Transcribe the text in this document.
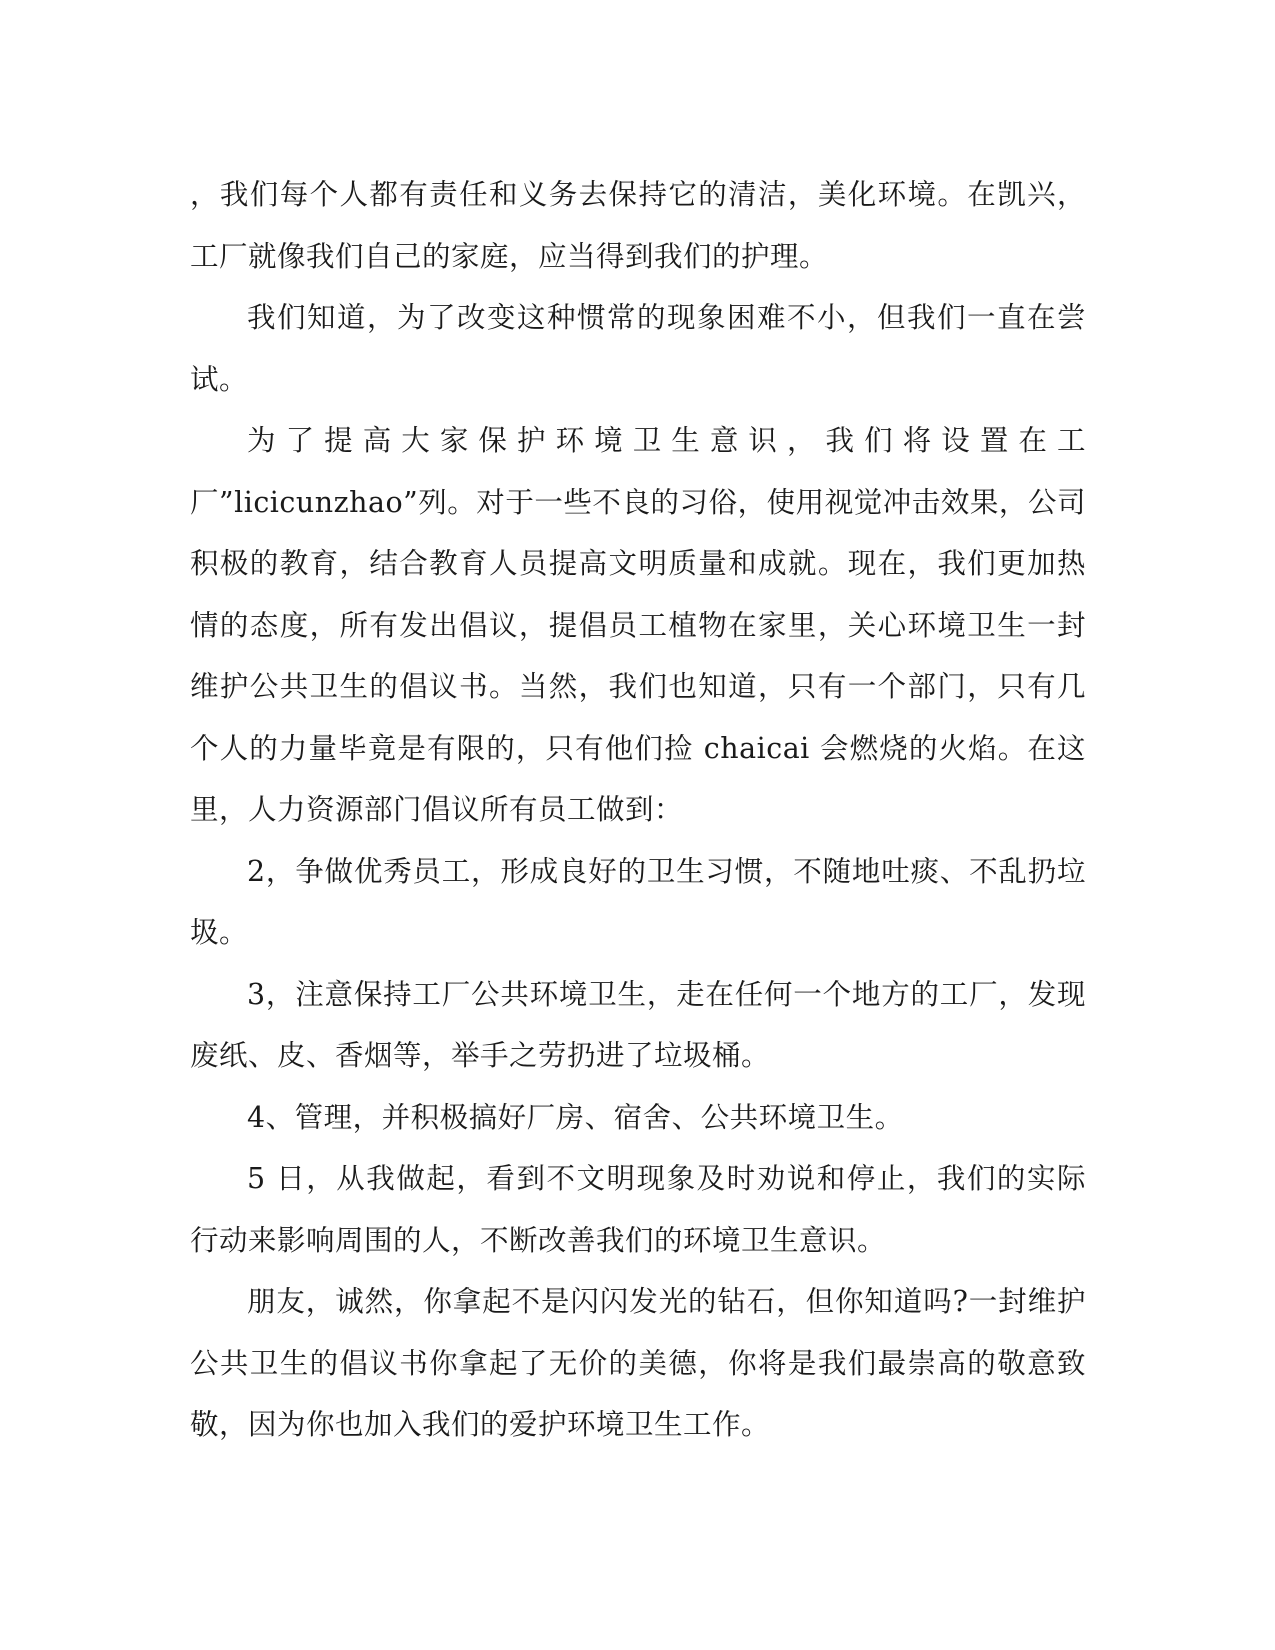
，我们每个人都有责任和义务去保持它的清洁，美化环境。在凯兴，工厂就像我们自己的家庭，应当得到我们的护理。

我们知道，为了改变这种惯常的现象困难不小，但我们一直在尝试。

为了提高大家保护环境卫生意识，我们将设置在工厂”licicunzhao”列。对于一些不良的习俗，使用视觉冲击效果，公司积极的教育，结合教育人员提高文明质量和成就。现在，我们更加热情的态度，所有发出倡议，提倡员工植物在家里，关心环境卫生一封维护公共卫生的倡议书。当然，我们也知道，只有一个部门，只有几个人的力量毕竟是有限的，只有他们捡 chaicai 会燃烧的火焰。在这里，人力资源部门倡议所有员工做到：

2，争做优秀员工，形成良好的卫生习惯，不随地吐痰、不乱扔垃圾。

3，注意保持工厂公共环境卫生，走在任何一个地方的工厂，发现废纸、皮、香烟等，举手之劳扔进了垃圾桶。

4、管理，并积极搞好厂房、宿舍、公共环境卫生。

5 日，从我做起，看到不文明现象及时劝说和停止，我们的实际行动来影响周围的人，不断改善我们的环境卫生意识。

朋友，诚然，你拿起不是闪闪发光的钻石，但你知道吗?一封维护公共卫生的倡议书你拿起了无价的美德，你将是我们最崇高的敬意致敬，因为你也加入我们的爱护环境卫生工作。
